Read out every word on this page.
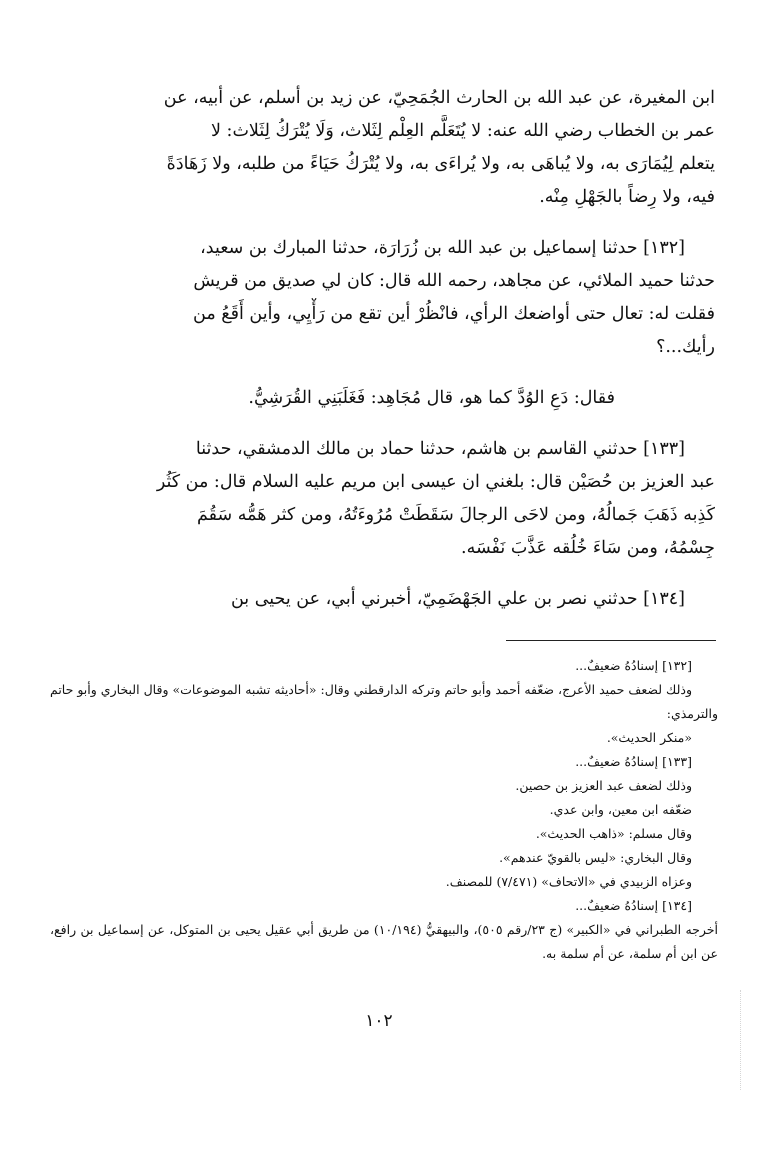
ابن المغيرة، عن عبد الله بن الحارث الجُمَحِيّ، عن زيد بن أسلم، عن أبيه، عن
عمر بن الخطاب رضي الله عنه: لا يُتَعَلَّم العِلْم لِثَلاث، وَلَا يُتْرَكُ لِثَلاث: لا
يتعلم لِيُمَارَى به، ولا يُباهَى به، ولا يُراءَى به، ولا يُتْرَكُ حَيَاءً من طلبه، ولا زَهَادَةً
فيه، ولا رِضاً بالجَهْلِ مِنْه.
[١٣٢] حدثنا إسماعيل بن عبد الله بن زُرَارَة، حدثنا المبارك بن سعيد،
حدثنا حميد الملائي، عن مجاهد، رحمه الله قال: كان لي صديق من قريش
فقلت له: تعال حتى أواضعك الرأي، فانْظُرْ أين تقع من رَأْيِي، وأين أَقَعُ من
رأيك...؟
فقال: دَعِ الوُدَّ كما هو، قال مُجَاهِد: فَغَلَبَنِي القُرَشِيُّ.
[١٣٣] حدثني القاسم بن هاشم، حدثنا حماد بن مالك الدمشقي، حدثنا
عبد العزيز بن حُصَيْن قال: بلغني ان عيسى ابن مريم عليه السلام قال: من كَثُر
كَذِبه ذَهَبَ جَمالُهُ، ومن لاحَى الرجالَ سَقَطَتْ مُرُوءَتُهُ، ومن كثر هَمُّه سَقُمَ
جِسْمُهُ، ومن سَاءَ خُلُقه عَذَّبَ نَفْسَه.
[١٣٤] حدثني نصر بن علي الجَهْضَمِيّ، أخبرني أبي، عن يحيى بن

[١٣٢] إسنادُهُ ضعيفٌ...

وذلك لضعف حميد الأعرج، ضعّفه أحمد وأبو حاتم وتركه الدارقطني وقال: «أحاديثه تشبه الموضوعات» وقال البخاري وأبو حاتم والترمذي:

«منكر الحديث».

[١٣٣] إسنادُهُ ضعيفٌ...

وذلك لضعف عبد العزيز بن حصين.

ضعّفه ابن معين، وابن عدي.

وقال مسلم: «ذاهب الحديث».

وقال البخاري: «ليس بالقويّ عندهم».

وعزاه الزبيدي في «الاتحاف» (٧/٤٧١) للمصنف.

[١٣٤] إسنادُهُ ضعيفٌ...

أخرجه الطبراني في «الكبير» (ج ٢٣/رقم ٥٠٥)، والبيهقيُّ (١٠/١٩٤) من طريق أبي عقيل يحيى بن المتوكل، عن إسماعيل بن رافع، عن ابن أم سلمة، عن أم سلمة به.

١٠٢
